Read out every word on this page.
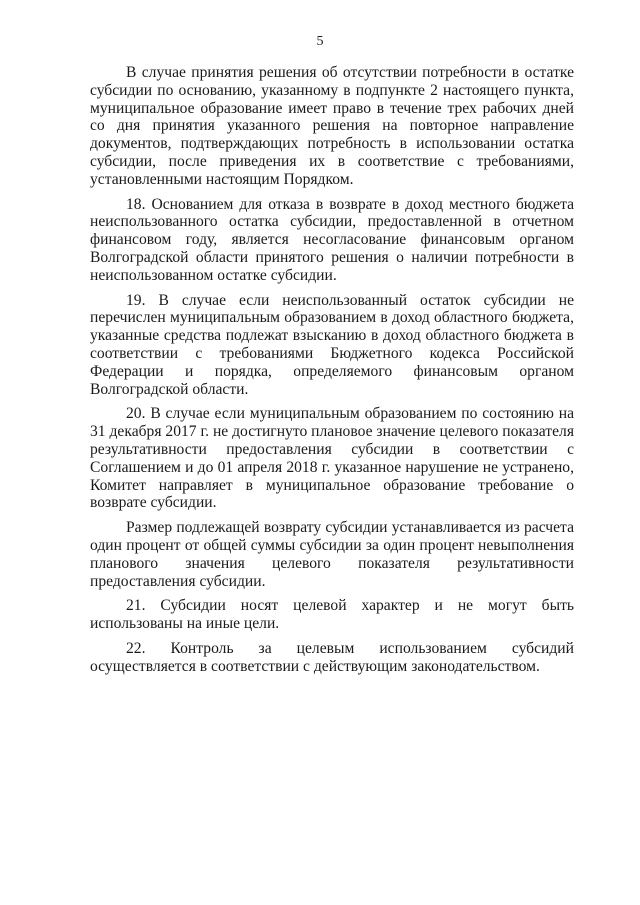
5

В случае принятия решения об отсутствии потребности в остатке субсидии по основанию, указанному в подпункте 2 настоящего пункта, муниципальное образование имеет право в течение трех рабочих дней со дня принятия указанного решения на повторное направление документов, подтверждающих потребность в использовании остатка субсидии, после приведения их в соответствие с требованиями, установленными настоящим Порядком.

18. Основанием для отказа в возврате в доход местного бюджета неиспользованного остатка субсидии, предоставленной в отчетном финансовом году, является несогласование финансовым органом Волгоградской области принятого решения о наличии потребности в неиспользованном остатке субсидии.

19. В случае если неиспользованный остаток субсидии не перечислен муниципальным образованием в доход областного бюджета, указанные средства подлежат взысканию в доход областного бюджета в соответствии с требованиями Бюджетного кодекса Российской Федерации и порядка, определяемого финансовым органом Волгоградской области.

20. В случае если муниципальным образованием по состоянию на 31 декабря 2017 г. не достигнуто плановое значение целевого показателя результативности предоставления субсидии в соответствии с Соглашением и до 01 апреля 2018 г. указанное нарушение не устранено, Комитет направляет в муниципальное образование требование о возврате субсидии.

Размер подлежащей возврату субсидии устанавливается из расчета один процент от общей суммы субсидии за один процент невыполнения планового значения целевого показателя результативности предоставления субсидии.

21. Субсидии носят целевой характер и не могут быть использованы на иные цели.

22. Контроль за целевым использованием субсидий осуществляется в соответствии с действующим законодательством.
